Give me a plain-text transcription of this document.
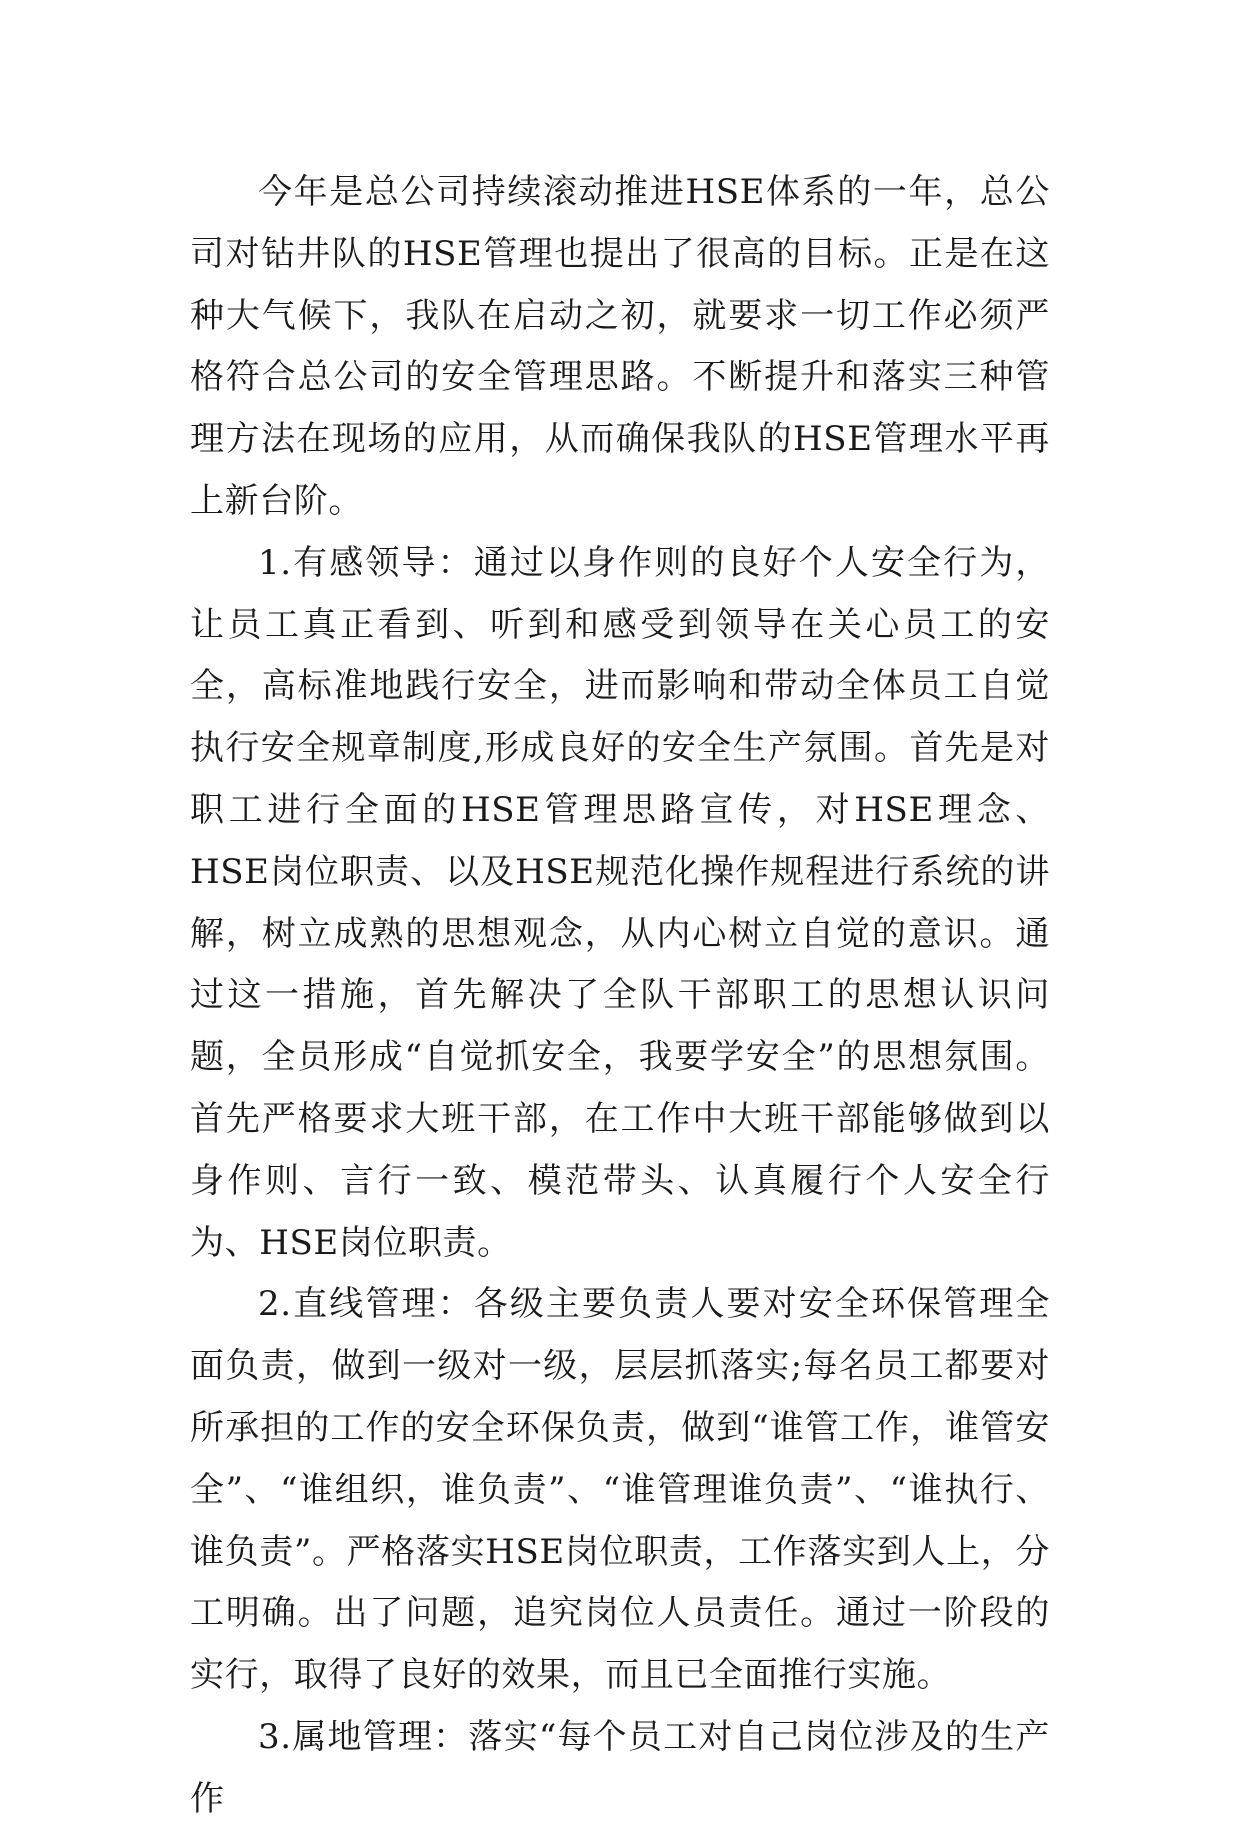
今年是总公司持续滚动推进HSE体系的一年，总公司对钻井队的HSE管理也提出了很高的目标。正是在这种大气候下，我队在启动之初，就要求一切工作必须严格符合总公司的安全管理思路。不断提升和落实三种管理方法在现场的应用，从而确保我队的HSE管理水平再上新台阶。

1.有感领导：通过以身作则的良好个人安全行为，让员工真正看到、听到和感受到领导在关心员工的安全，高标准地践行安全，进而影响和带动全体员工自觉执行安全规章制度,形成良好的安全生产氛围。首先是对职工进行全面的HSE管理思路宣传，对HSE理念、HSE岗位职责、以及HSE规范化操作规程进行系统的讲解，树立成熟的思想观念，从内心树立自觉的意识。通过这一措施，首先解决了全队干部职工的思想认识问题，全员形成“自觉抓安全，我要学安全”的思想氛围。首先严格要求大班干部，在工作中大班干部能够做到以身作则、言行一致、模范带头、认真履行个人安全行为、HSE岗位职责。

2.直线管理：各级主要负责人要对安全环保管理全面负责，做到一级对一级，层层抓落实;每名员工都要对所承担的工作的安全环保负责，做到“谁管工作，谁管安全”、“谁组织，谁负责”、“谁管理谁负责”、“谁执行、谁负责”。严格落实HSE岗位职责，工作落实到人上，分工明确。出了问题，追究岗位人员责任。通过一阶段的实行，取得了良好的效果，而且已全面推行实施。

3.属地管理：落实“每个员工对自己岗位涉及的生产作
